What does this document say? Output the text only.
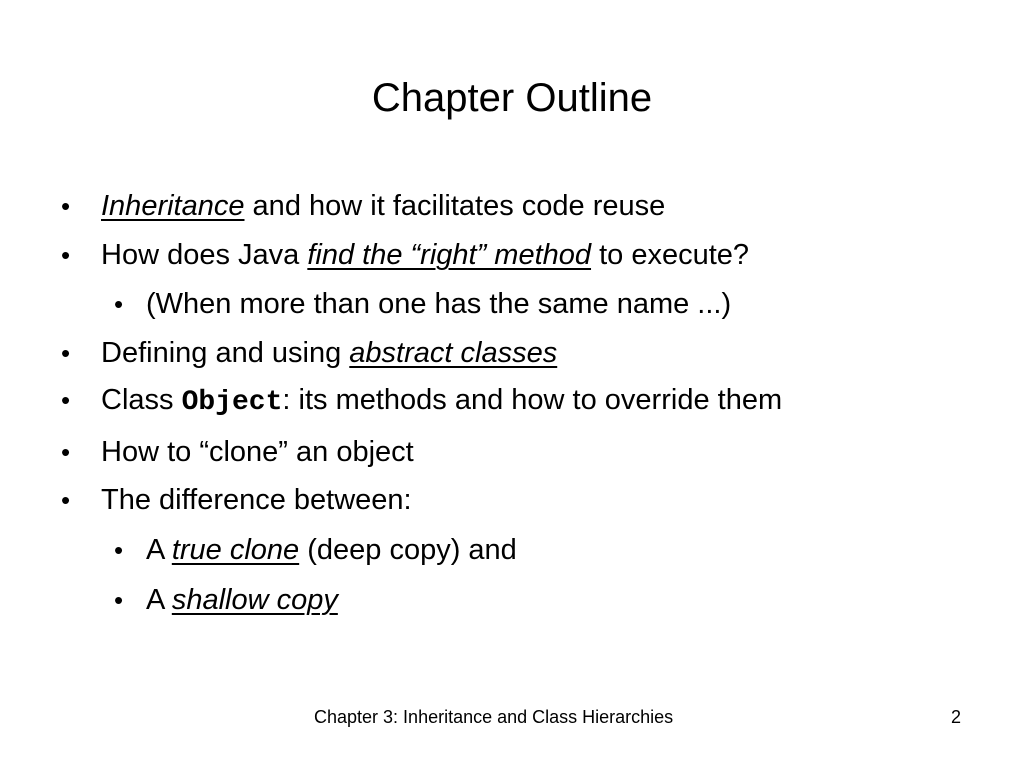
Chapter Outline
• Inheritance and how it facilitates code reuse
• How does Java find the “right” method to execute?
• (When more than one has the same name ...)
• Defining and using abstract classes
• Class Object: its methods and how to override them
• How to “clone” an object
• The difference between:
• A true clone (deep copy) and
• A shallow copy
Chapter 3: Inheritance and Class Hierarchies	2
